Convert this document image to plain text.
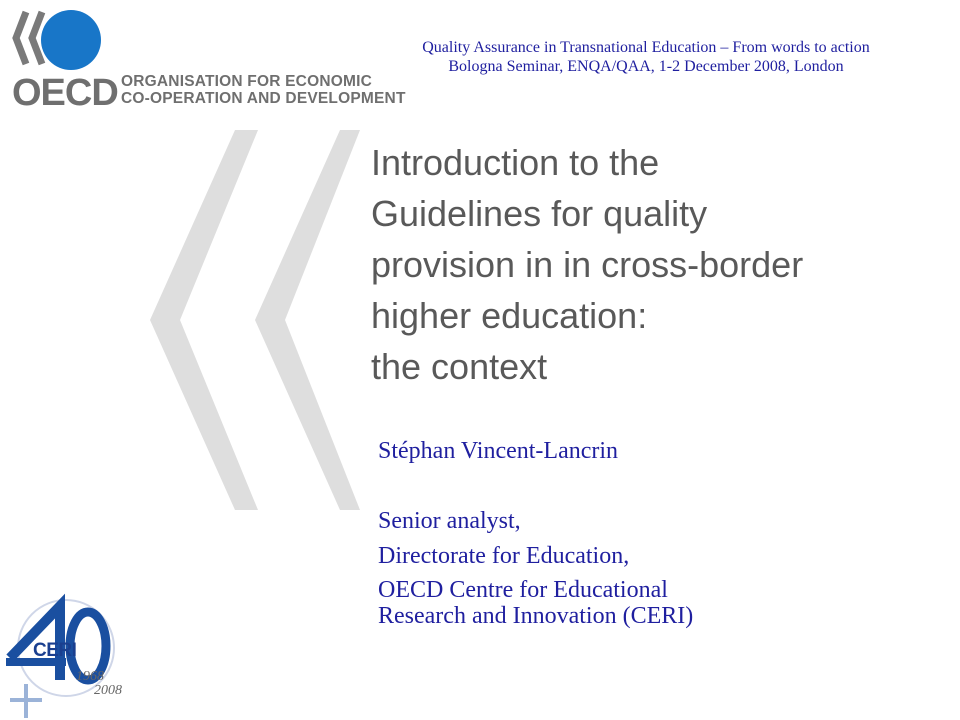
OECD ORGANISATION FOR ECONOMIC
CO-OPERATION AND DEVELOPMENT
Quality Assurance in Transnational Education – From words to action
Bologna Seminar, ENQA/QAA, 1-2 December 2008, London
Introduction to the
Guidelines for quality
provision in in cross-border
higher education:
the context
Stéphan Vincent-Lancrin
Senior analyst,
Directorate for Education,
OECD Centre for Educational
Research and Innovation (CERI)
CERI
1968
2008
